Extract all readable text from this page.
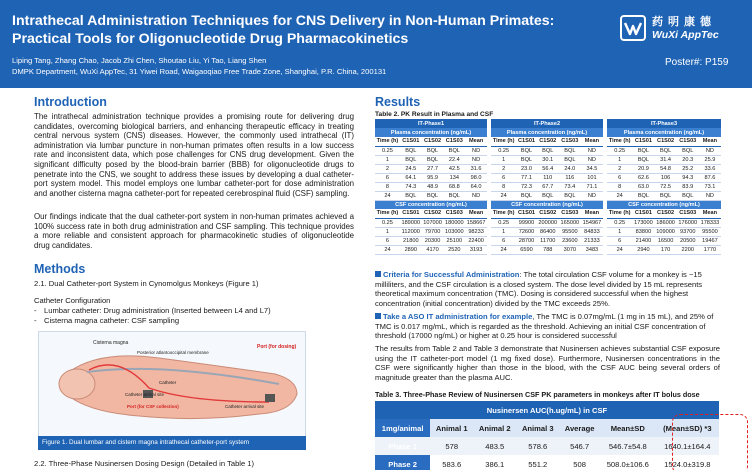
Intrathecal Administration Techniques for CNS Delivery in Non-Human Primates:
Practical Tools for Oligonucleotide Drug Pharmacokinetics
Liping Tang, Zhang Chao, Jacob Zhi Chen, Shoutao Liu, Yi Tao, Liang Shen
DMPK Department, WuXi AppTec, 31 Yiwei Road, Waigaoqiao Free Trade Zone, Shanghai, P.R. China, 200131
药明康德
WuXi AppTec
Poster#: P159
Introduction
The intrathecal administration technique provides a promising route for delivering drug candidates, overcoming biological barriers, and enhancing therapeutic efficacy in treating central nervous system (CNS) diseases. However, the commonly used intrathecal (IT) administration via lumbar puncture in non-human primates often results in a low success rate and inconsistent data, which pose challenges for CNS drug development. Given the significant difficulty posed by the blood-brain barrier (BBB) for oligonucleotide drugs to penetrate into the CNS, we sought to address these issues by developing a dual catheter-port system model. This model employs one lumbar catheter-port for dose administration and another cisterna magna catheter-port for repeated cerebrospinal fluid (CSF) sampling.
Our findings indicate that the dual catheter-port system in non-human primates achieved a 100% success rate in both drug administration and CSF sampling. This technique provides a more reliable and consistent approach for pharmacokinetic studies of oligonucleotide drug candidates.
Methods
2.1. Dual Catheter-port System in Cynomolgus Monkeys (Figure 1)
Catheter Configuration
- Lumbar catheter: Drug administration (Inserted between L4 and L7)
- Cisterna magna catheter: CSF sampling
Cisterna magna
Posterior atlantooccipital membrane
Catheter
Catheter arrival site
Port (for dosing)
Port (for CSF collection)	Catheter arrival site
Figure 1. Dual lumbar and cistern magna intrathecal catheter-port system
2.2. Three-Phase Nusinersen Dosing Design (Detailed in Table 1)
Results
Table 2. PK Result in Plasma and CSF
IT-Phase1				
Plasma concentration (ng/mL)				
Time (h)	C1S01	C1S02	C1S03	Mean
0.25	BQL	BQL	BQL	ND
1	BQL	BQL	22.4	ND
2	24.5	27.7	42.5	31.6
6	64.1	95.9	134	98.0
8	74.3	48.9	68.8	64.0
24	BQL	BQL	BQL	ND
CSF concentration (ng/mL)				
Time (h)	C1S01	C1S02	C1S03	Mean
0.25	189000	107000	180000	158667
1	112000	79700	103000	98233
6	21800	20300	25100	22400
24	2890	4170	2520	3193
IT-Phase2				
Plasma concentration (ng/mL)				
Time (h)	C1S01	C1S02	C1S03	Mean
0.25	BQL	BQL	BQL	ND
1	BQL	30.1	BQL	ND
2	23.0	56.4	24.0	34.5
6	77.1	110	116	101
8	72.3	67.7	73.4	71.1
24	BQL	BQL	BQL	ND
CSF concentration (ng/mL)				
Time (h)	C1S01	C1S02	C1S03	Mean
0.25	99900	200000	165000	154967
1	72600	86400	95500	84833
6	28700	11700	23600	21333
24	6590	788	3070	3483
IT-Phase3				
Plasma concentration (ng/mL)				
Time (h)	C1S01	C1S02	C1S03	Mean
0.25	BQL	BQL	BQL	ND
1	BQL	31.4	20.3	25.9
2	20.9	54.8	25.2	33.6
6	62.6	106	94.3	87.6
8	63.0	72.5	83.9	73.1
24	BQL	BQL	BQL	ND
CSF concentration (ng/mL)				
Time (h)	C1S01	C1S02	C1S03	Mean
0.25	173000	186000	176000	178333
1	83800	109000	93700	95500
6	21400	16500	20500	19467
24	2940	170	2200	1770
Criteria for Successful Administration: The total circulation CSF volume for a monkey is ~15 milliliters, and the CSF circulation is a closed system. The dose level divided by 15 mL represents theoretical maximum concentration (TMC). Dosing is considered successful when the highest concentration (initial concentration) divided by the TMC exceeds 25%.
Take a ASO IT administration for example, The TMC is 0.07mg/mL (1 mg in 15 mL), and 25% of TMC is 0.017 mg/mL, which is regarded as the threshold. Achieving an initial CSF concentration of threshold (17000 ng/mL) or higher at 0.25 hour is considered successful
The results from Table 2 and Table 3 demonstrate that Nusinersen achieves substantial CSF exposure using the IT catheter-port model (1 mg fixed dose). Furthermore, Nusinersen concentrations in the CSF were significantly higher than those in the blood, with the CSF AUC being several orders of magnitude greater than the plasma AUC.
Table 3. Three-Phase Review of Nusinersen CSF PK parameters in monkeys after IT bolus dose
Nusinersen AUC(h.ug/mL) in CSF						
1mg/animal	Animal 1	Animal 2	Animal 3	Average	Mean±SD	(Mean±SD) *3
Phase 1	578	483.5	578.6	546.7	546.7±54.8	1640.1±164.4
Phase 2	583.6	386.1	551.2	508	508.0±106.6	1524.0±319.8
